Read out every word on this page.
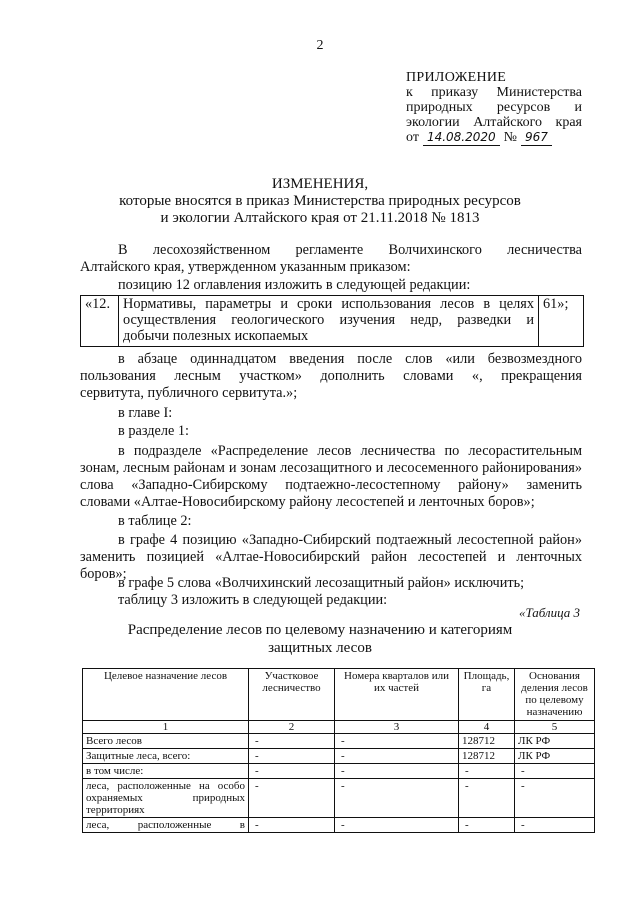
2
ПРИЛОЖЕНИЕ
к приказу Министерства
природных ресурсов и
экологии Алтайского края
от 14.08.2020 № 967
ИЗМЕНЕНИЯ,
которые вносятся в приказ Министерства природных ресурсов
и экологии Алтайского края от 21.11.2018 № 1813
В лесохозяйственном регламенте Волчихинского лесничества
Алтайского края, утвержденном указанным приказом:
позицию 12 оглавления изложить в следующей редакции:
«12. Нормативы, параметры и сроки использования лесов в целях
осуществления геологического изучения недр, разведки и
добычи полезных ископаемых
61»;
в абзаце одиннадцатом введения после слов «или безвозмездного
пользования лесным участком» дополнить словами «, прекращения
сервитута, публичного сервитута.»;
в главе I:
в разделе 1:
в подразделе «Распределение лесов лесничества по лесорастительным
зонам, лесным районам и зонам лесозащитного и лесосеменного районирования»
слова «Западно-Сибирскому подтаежно-лесостепному району» заменить
словами «Алтае-Новосибирскому району лесостепей и ленточных боров»;
в таблице 2:
в графе 4 позицию «Западно-Сибирский подтаежный лесостепной район»
заменить позицией «Алтае-Новосибирский район лесостепей и ленточных
боров»;
в графе 5 слова «Волчихинский лесозащитный район» исключить;
таблицу 3 изложить в следующей редакции:
«Таблица 3
Распределение лесов по целевому назначению и категориям
защитных лесов
Целевое назначение лесов	Участковое лесничество	Номера кварталов или их частей	Площадь, га	Основания деления лесов по целевому назначению
1	2	3	4	5
Всего лесов	-	-	128712	ЛК РФ
Защитные леса, всего:	-	-	128712	ЛК РФ
в том числе:	-	-	-	-
леса, расположенные на особо охраняемых природных территориях	-	-	-	-
леса, расположенные в	-	-	-	-
